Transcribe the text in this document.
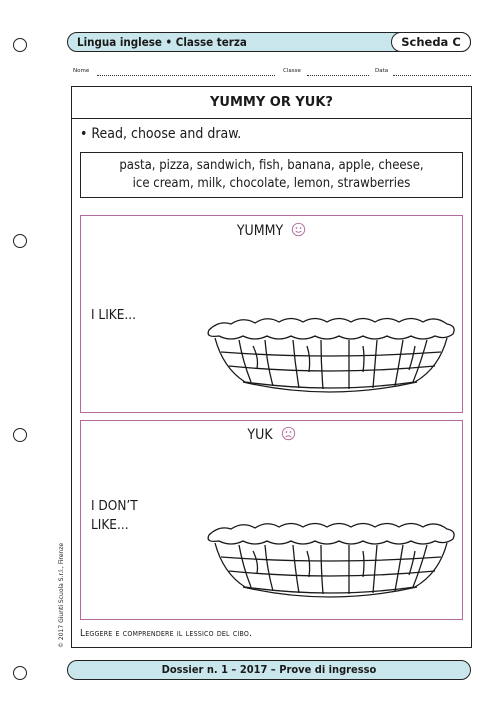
Lingua inglese • Classe terza	Scheda C
Nome	Classe	Data
YUMMY OR YUK?
• Read, choose and draw.
pasta, pizza, sandwich, fish, banana, apple, cheese,
ice cream, milk, chocolate, lemon, strawberries
YUMMY
I LIKE...
YUK
I DON’T
LIKE...
Leggere e comprendere il lessico del cibo.
© 2017 Giunti Scuola S.r.l., Firenze
Dossier n. 1 – 2017 – Prove di ingresso
